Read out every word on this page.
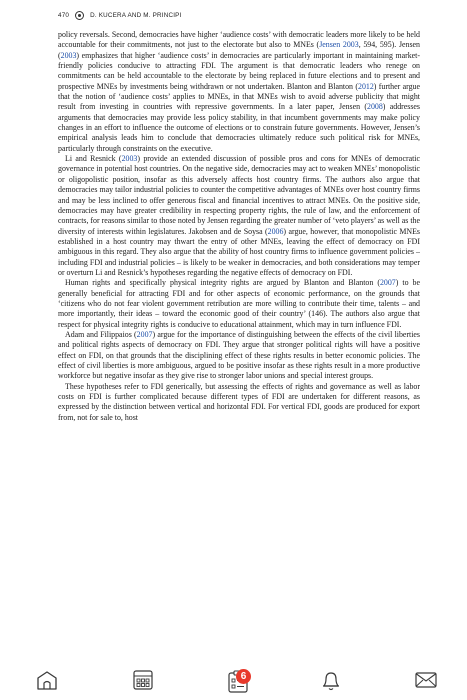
470	D. KUCERA AND M. PRINCIPI

policy reversals. Second, democracies have higher ‘audience costs’ with democratic leaders more likely to be held accountable for their commitments, not just to the electorate but also to MNEs (Jensen 2003, 594, 595). Jensen (2003) emphasizes that higher ‘audience costs’ in democracies are particularly important in maintaining market-friendly policies conducive to attracting FDI. The argument is that democratic leaders who renege on commitments can be held accountable to the electorate by being replaced in future elections and to present and prospective MNEs by investments being withdrawn or not undertaken. Blanton and Blanton (2012) further argue that the notion of ‘audience costs’ applies to MNEs, in that MNEs wish to avoid adverse publicity that might result from investing in countries with repressive governments. In a later paper, Jensen (2008) addresses arguments that democracies may provide less policy stability, in that incumbent governments may make policy changes in an effort to influence the outcome of elections or to constrain future governments. However, Jensen’s empirical analysis leads him to conclude that democracies ultimately reduce such political risk for MNEs, particularly through constraints on the executive.

Li and Resnick (2003) provide an extended discussion of possible pros and cons for MNEs of democratic governance in potential host countries. On the negative side, democracies may act to weaken MNEs’ monopolistic or oligopolistic position, insofar as this adversely affects host country firms. The authors also argue that democracies may tailor industrial policies to counter the competitive advantages of MNEs over host country firms and may be less inclined to offer generous fiscal and financial incentives to attract MNEs. On the positive side, democracies may have greater credibility in respecting property rights, the rule of law, and the enforcement of contracts, for reasons similar to those noted by Jensen regarding the greater number of ‘veto players’ as well as the diversity of interests within legislatures. Jakobsen and de Soysa (2006) argue, however, that monopolistic MNEs established in a host country may thwart the entry of other MNEs, leaving the effect of democracy on FDI ambiguous in this regard. They also argue that the ability of host country firms to influence government policies – including FDI and industrial policies – is likely to be weaker in democracies, and both considerations may temper or overturn Li and Resnick’s hypotheses regarding the negative effects of democracy on FDI.

Human rights and specifically physical integrity rights are argued by Blanton and Blanton (2007) to be generally beneficial for attracting FDI and for other aspects of economic performance, on the grounds that ‘citizens who do not fear violent government retribution are more willing to contribute their time, talents – and more importantly, their ideas – toward the economic good of their country’ (146). The authors also argue that respect for physical integrity rights is conducive to educational attainment, which may in turn influence FDI.

Adam and Filippaios (2007) argue for the importance of distinguishing between the effects of the civil liberties and political rights aspects of democracy on FDI. They argue that stronger political rights will have a positive effect on FDI, on that grounds that the disciplining effect of these rights results in better economic policies. The effect of civil liberties is more ambiguous, argued to be positive insofar as these rights result in a more productive workforce but negative insofar as they give rise to stronger labor unions and special interest groups.

These hypotheses refer to FDI generically, but assessing the effects of rights and governance as well as labor costs on FDI is further complicated because different types of FDI are undertaken for different reasons, as expressed by the distinction between vertical and horizontal FDI. For vertical FDI, goods are produced for export from, not for sale to, host

6
